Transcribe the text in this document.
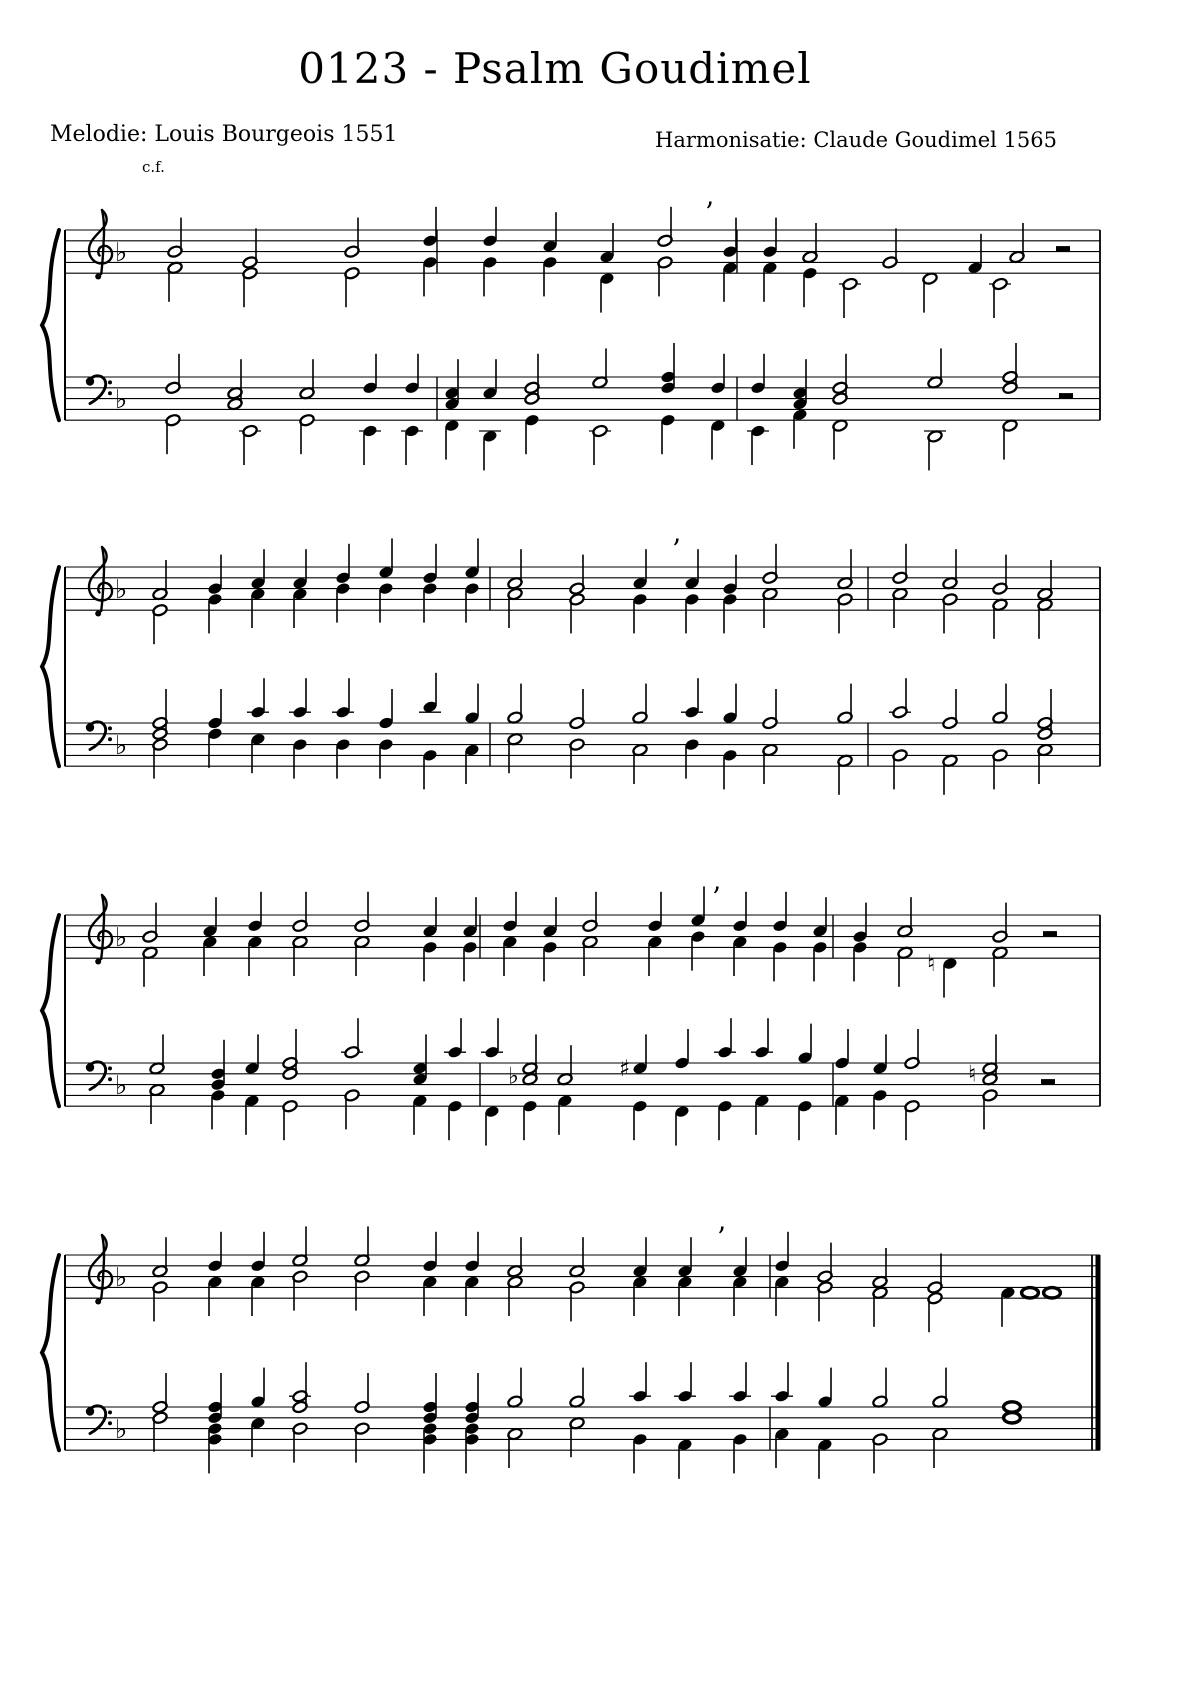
0123 - Psalm Goudimel
Melodie: Louis Bourgeois 1551	Harmonisatie: Claude Goudimel 1565
c.f.
♭
♭
’
♭
♭
’
♭
♭
’
♮
♭	♯	♮
♭
♭
’
